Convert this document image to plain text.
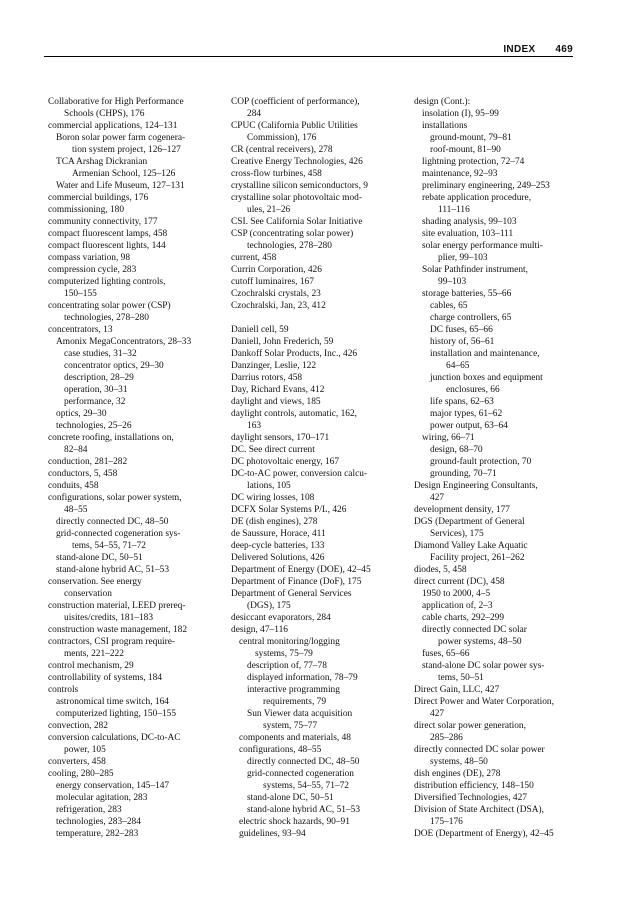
INDEX 469
Collaborative for High Performance
Schools (CHPS), 176
commercial applications, 124–131
Boron solar power farm cogenera-
tion system project, 126–127
TCA Arshag Dickranian
Armenian School, 125–126
Water and Life Museum, 127–131
commercial buildings, 176
commissioning, 180
community connectivity, 177
compact fluorescent lamps, 458
compact fluorescent lights, 144
compass variation, 98
compression cycle, 283
computerized lighting controls,
150–155
concentrating solar power (CSP)
technologies, 278–280
concentrators, 13
Amonix MegaConcentrators, 28–33
case studies, 31–32
concentrator optics, 29–30
description, 28–29
operation, 30–31
performance, 32
optics, 29–30
technologies, 25–26
concrete roofing, installations on,
82–84
conduction, 281–282
conductors, 5, 458
conduits, 458
configurations, solar power system,
48–55
directly connected DC, 48–50
grid-connected cogeneration sys-
tems, 54–55, 71–72
stand-alone DC, 50–51
stand-alone hybrid AC, 51–53
conservation. See energy
conservation
construction material, LEED prereq-
uisites/credits, 181–183
construction waste management, 182
contractors, CSI program require-
ments, 221–222
control mechanism, 29
controllability of systems, 184
controls
astronomical time switch, 164
computerized lighting, 150–155
convection, 282
conversion calculations, DC-to-AC
power, 105
converters, 458
cooling, 280–285
energy conservation, 145–147
molecular agitation, 283
refrigeration, 283
technologies, 283–284
temperature, 282–283
COP (coefficient of performance),
284
CPUC (California Public Utilities
Commission), 176
CR (central receivers), 278
Creative Energy Technologies, 426
cross-flow turbines, 458
crystalline silicon semiconductors, 9
crystalline solar photovoltaic mod-
ules, 21–26
CSI. See California Solar Initiative
CSP (concentrating solar power)
technologies, 278–280
current, 458
Currin Corporation, 426
cutoff luminaires, 167
Czochralski crystals, 23
Czochralski, Jan, 23, 412
Daniell cell, 59
Daniell, John Frederich, 59
Dankoff Solar Products, Inc., 426
Danzinger, Leslie, 122
Darrius rotors, 458
Day, Richard Evans, 412
daylight and views, 185
daylight controls, automatic, 162,
163
daylight sensors, 170–171
DC. See direct current
DC photovoltaic energy, 167
DC-to-AC power, conversion calcu-
lations, 105
DC wiring losses, 108
DCFX Solar Systems P/L, 426
DE (dish engines), 278
de Saussure, Horace, 411
deep-cycle batteries, 133
Delivered Solutions, 426
Department of Energy (DOE), 42–45
Department of Finance (DoF), 175
Department of General Services
(DGS), 175
desiccant evaporators, 284
design, 47–116
central monitoring/logging
systems, 75–79
description of, 77–78
displayed information, 78–79
interactive programming
requirements, 79
Sun Viewer data acquisition
system, 75–77
components and materials, 48
configurations, 48–55
directly connected DC, 48–50
grid-connected cogeneration
systems, 54–55, 71–72
stand-alone DC, 50–51
stand-alone hybrid AC, 51–53
electric shock hazards, 90–91
guidelines, 93–94
design (Cont.):
insolation (I), 95–99
installations
ground-mount, 79–81
roof-mount, 81–90
lightning protection, 72–74
maintenance, 92–93
preliminary engineering, 249–253
rebate application procedure,
111–116
shading analysis, 99–103
site evaluation, 103–111
solar energy performance multi-
plier, 99–103
Solar Pathfinder instrument,
99–103
storage batteries, 55–66
cables, 65
charge controllers, 65
DC fuses, 65–66
history of, 56–61
installation and maintenance,
64–65
junction boxes and equipment
enclosures, 66
life spans, 62–63
major types, 61–62
power output, 63–64
wiring, 66–71
design, 68–70
ground-fault protection, 70
grounding, 70–71
Design Engineering Consultants,
427
development density, 177
DGS (Department of General
Services), 175
Diamond Valley Lake Aquatic
Facility project, 261–262
diodes, 5, 458
direct current (DC), 458
1950 to 2000, 4–5
application of, 2–3
cable charts, 292–299
directly connected DC solar
power systems, 48–50
fuses, 65–66
stand-alone DC solar power sys-
tems, 50–51
Direct Gain, LLC, 427
Direct Power and Water Corporation,
427
direct solar power generation,
285–286
directly connected DC solar power
systems, 48–50
dish engines (DE), 278
distribution efficiency, 148–150
Diversified Technologies, 427
Division of State Architect (DSA),
175–176
DOE (Department of Energy), 42–45
